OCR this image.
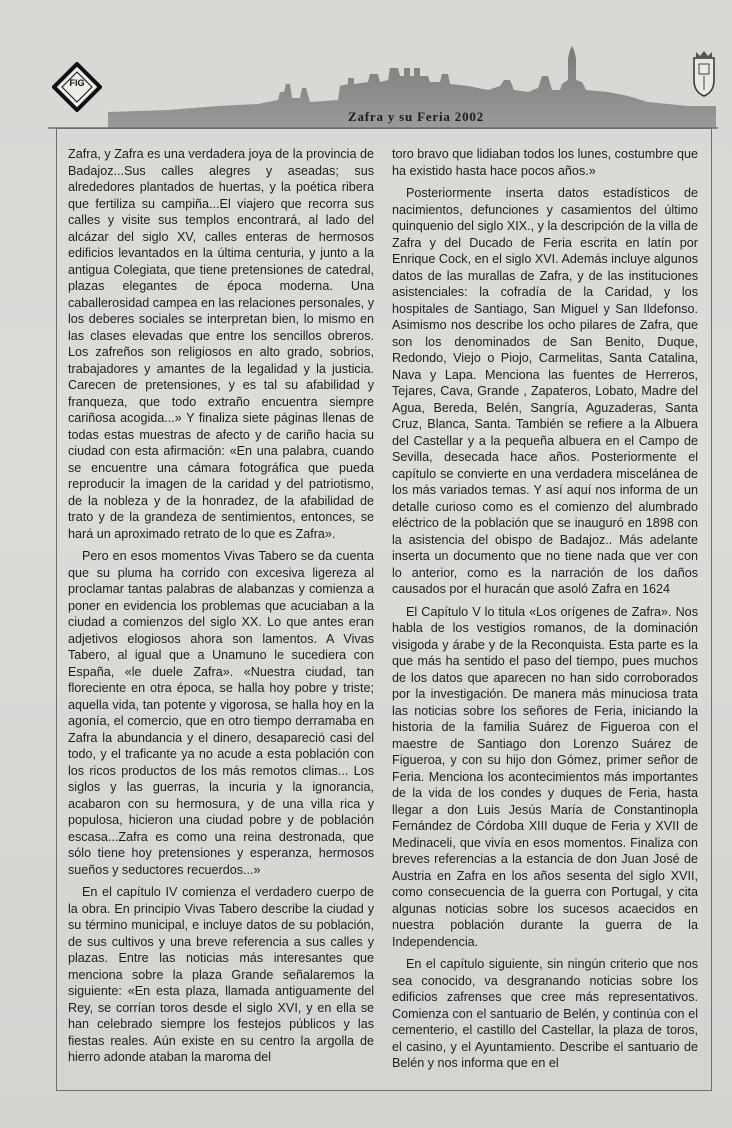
FIG
Zafra y su Feria 2002

Zafra, y Zafra es una verdadera joya de la provincia de Badajoz...Sus calles alegres y aseadas; sus alrededores plantados de huertas, y la poética ribera que fertiliza su campiña...El viajero que recorra sus calles y visite sus templos encontrará, al lado del alcázar del siglo XV, calles enteras de hermosos edificios levantados en la última centuria, y junto a la antigua Colegiata, que tiene pretensiones de catedral, plazas elegantes de época moderna. Una caballerosidad campea en las relaciones personales, y los deberes sociales se interpretan bien, lo mismo en las clases elevadas que entre los sencillos obreros. Los zafreños son religiosos en alto grado, sobrios, trabajadores y amantes de la legalidad y la justicia. Carecen de pretensiones, y es tal su afabilidad y franqueza, que todo extraño encuentra siempre cariñosa acogida...» Y finaliza siete páginas llenas de todas estas muestras de afecto y de cariño hacia su ciudad con esta afirmación: «En una palabra, cuando se encuentre una cámara fotográfica que pueda reproducir la imagen de la caridad y del patriotismo, de la nobleza y de la honradez, de la afabilidad de trato y de la grandeza de sentimientos, entonces, se hará un aproximado retrato de lo que es Zafra».

Pero en esos momentos Vivas Tabero se da cuenta que su pluma ha corrido con excesiva ligereza al proclamar tantas palabras de alabanzas y comienza a poner en evidencia los problemas que acuciaban a la ciudad a comienzos del siglo XX. Lo que antes eran adjetivos elogiosos ahora son lamentos. A Vivas Tabero, al igual que a Unamuno le sucediera con España, «le duele Zafra». «Nuestra ciudad, tan floreciente en otra época, se halla hoy pobre y triste; aquella vida, tan potente y vigorosa, se halla hoy en la agonía, el comercio, que en otro tiempo derramaba en Zafra la abundancia y el dinero, desapareció casi del todo, y el traficante ya no acude a esta población con los ricos productos de los más remotos climas... Los siglos y las guerras, la incuria y la ignorancia, acabaron con su hermosura, y de una villa rica y populosa, hicieron una ciudad pobre y de población escasa...Zafra es como una reina destronada, que sólo tiene hoy pretensiones y esperanza, hermosos sueños y seductores recuerdos...»

En el capítulo IV comienza el verdadero cuerpo de la obra. En principio Vivas Tabero describe la ciudad y su término municipal, e incluye datos de su población, de sus cultivos y una breve referencia a sus calles y plazas. Entre las noticias más interesantes que menciona sobre la plaza Grande señalaremos la siguiente: «En esta plaza, llamada antiguamente del Rey, se corrían toros desde el siglo XVI, y en ella se han celebrado siempre los festejos públicos y las fiestas reales. Aún existe en su centro la argolla de hierro adonde ataban la maroma del

toro bravo que lidiaban todos los lunes, costumbre que ha existido hasta hace pocos años.»

Posteriormente inserta datos estadísticos de nacimientos, defunciones y casamientos del último quinquenio del siglo XIX., y la descripción de la villa de Zafra y del Ducado de Feria escrita en latín por Enrique Cock, en el siglo XVI. Además incluye algunos datos de las murallas de Zafra, y de las instituciones asistenciales: la cofradía de la Caridad, y los hospitales de Santiago, San Miguel y San Ildefonso. Asimismo nos describe los ocho pilares de Zafra, que son los denominados de San Benito, Duque, Redondo, Viejo o Piojo, Carmelitas, Santa Catalina, Nava y Lapa. Menciona las fuentes de Herreros, Tejares, Cava, Grande , Zapateros, Lobato, Madre del Agua, Bereda, Belén, Sangría, Aguzaderas, Santa Cruz, Blanca, Santa. También se refiere a la Albuera del Castellar y a la pequeña albuera en el Campo de Sevilla, desecada hace años. Posteriormente el capítulo se convierte en una verdadera miscelánea de los más variados temas. Y así aquí nos informa de un detalle curioso como es el comienzo del alumbrado eléctrico de la población que se inauguró en 1898 con la asistencia del obispo de Badajoz.. Más adelante inserta un documento que no tiene nada que ver con lo anterior, como es la narración de los daños causados por el huracán que asoló Zafra en 1624

El Capítulo V lo titula «Los orígenes de Zafra». Nos habla de los vestigios romanos, de la dominación visigoda y árabe y de la Reconquista. Esta parte es la que más ha sentido el paso del tiempo, pues muchos de los datos que aparecen no han sido corroborados por la investigación. De manera más minuciosa trata las noticias sobre los señores de Feria, iniciando la historia de la familia Suárez de Figueroa con el maestre de Santiago don Lorenzo Suárez de Figueroa, y con su hijo don Gómez, primer señor de Feria. Menciona los acontecimientos más importantes de la vida de los condes y duques de Feria, hasta llegar a don Luis Jesús María de Constantinopla Fernández de Córdoba XIII duque de Feria y XVII de Medinaceli, que vivía en esos momentos. Finaliza con breves referencias a la estancia de don Juan José de Austria en Zafra en los años sesenta del siglo XVII, como consecuencia de la guerra con Portugal, y cita algunas noticias sobre los sucesos acaecidos en nuestra población durante la guerra de la Independencia.

En el capítulo siguiente, sin ningún criterio que nos sea conocido, va desgranando noticias sobre los edificios zafrenses que cree más representativos. Comienza con el santuario de Belén, y continúa con el cementerio, el castillo del Castellar, la plaza de toros, el casino, y el Ayuntamiento. Describe el santuario de Belén y nos informa que en el
